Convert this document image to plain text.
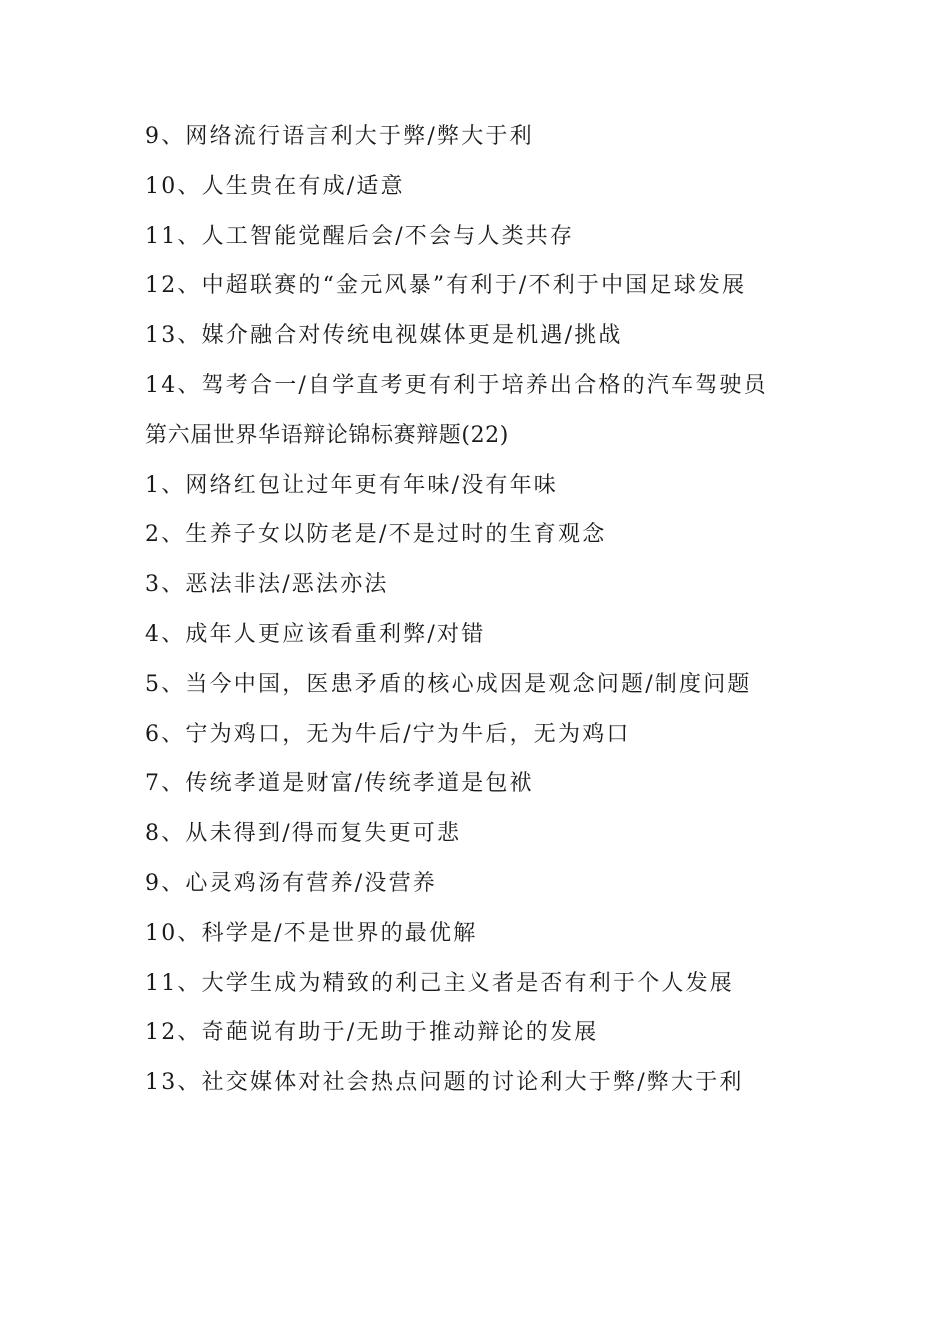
9、网络流行语言利大于弊/弊大于利
10、人生贵在有成/适意
11、人工智能觉醒后会/不会与人类共存
12、中超联赛的“金元风暴”有利于/不利于中国足球发展
13、媒介融合对传统电视媒体更是机遇/挑战
14、驾考合一/自学直考更有利于培养出合格的汽车驾驶员
第六届世界华语辩论锦标赛辩题(22)
1、网络红包让过年更有年味/没有年味
2、生养子女以防老是/不是过时的生育观念
3、恶法非法/恶法亦法
4、成年人更应该看重利弊/对错
5、当今中国，医患矛盾的核心成因是观念问题/制度问题
6、宁为鸡口，无为牛后/宁为牛后，无为鸡口
7、传统孝道是财富/传统孝道是包袱
8、从未得到/得而复失更可悲
9、心灵鸡汤有营养/没营养
10、科学是/不是世界的最优解
11、大学生成为精致的利己主义者是否有利于个人发展
12、奇葩说有助于/无助于推动辩论的发展
13、社交媒体对社会热点问题的讨论利大于弊/弊大于利
